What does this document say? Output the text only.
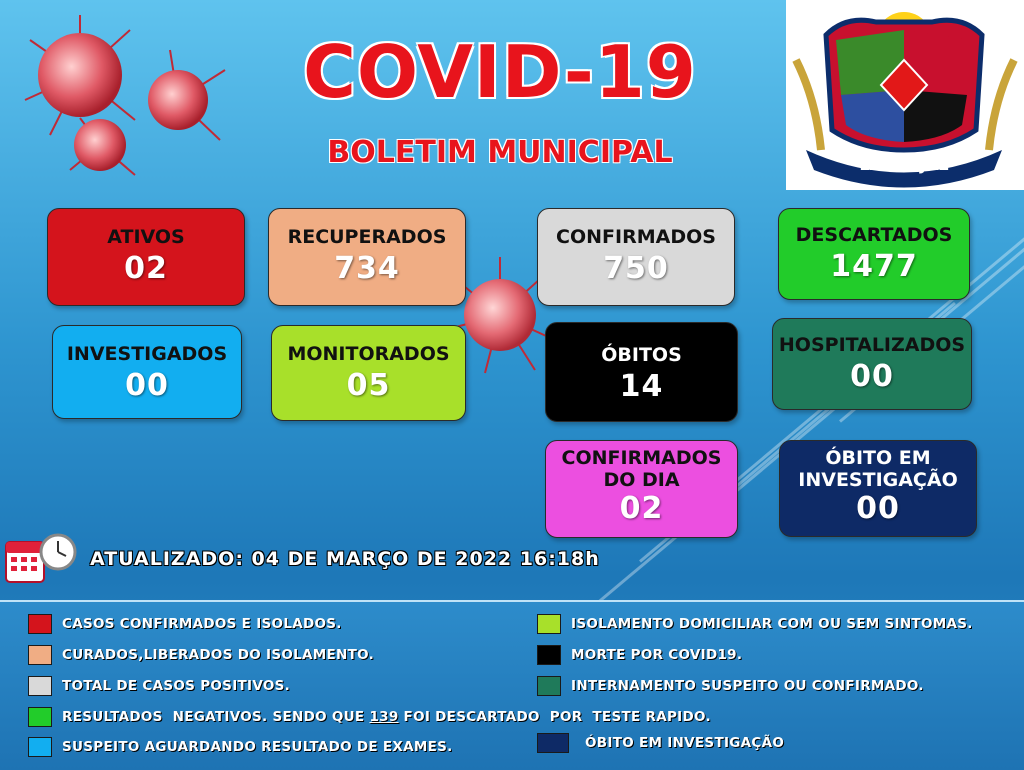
COVID-19
BOLETIM MUNICIPAL	LARANJAL
ATIVOS
02
RECUPERADOS
734
CONFIRMADOS
750
DESCARTADOS
1477
INVESTIGADOS
00
MONITORADOS
05
ÓBITOS
14
HOSPITALIZADOS
00
CONFIRMADOS
DO DIA
02
ÓBITO EM
INVESTIGAÇÃO
00
ATUALIZADO: 04 DE MARÇO DE 2022 16:18h
CASOS CONFIRMADOS E ISOLADOS.
CURADOS,LIBERADOS DO ISOLAMENTO.
TOTAL DE CASOS POSITIVOS.
RESULTADOS  NEGATIVOS. SENDO QUE 139 FOI DESCARTADO  POR  TESTE RAPIDO.
SUSPEITO AGUARDANDO RESULTADO DE EXAMES.
ISOLAMENTO DOMICILIAR COM OU SEM SINTOMAS.
MORTE POR COVID19.
INTERNAMENTO SUSPEITO OU CONFIRMADO.
ÓBITO EM INVESTIGAÇÃO
